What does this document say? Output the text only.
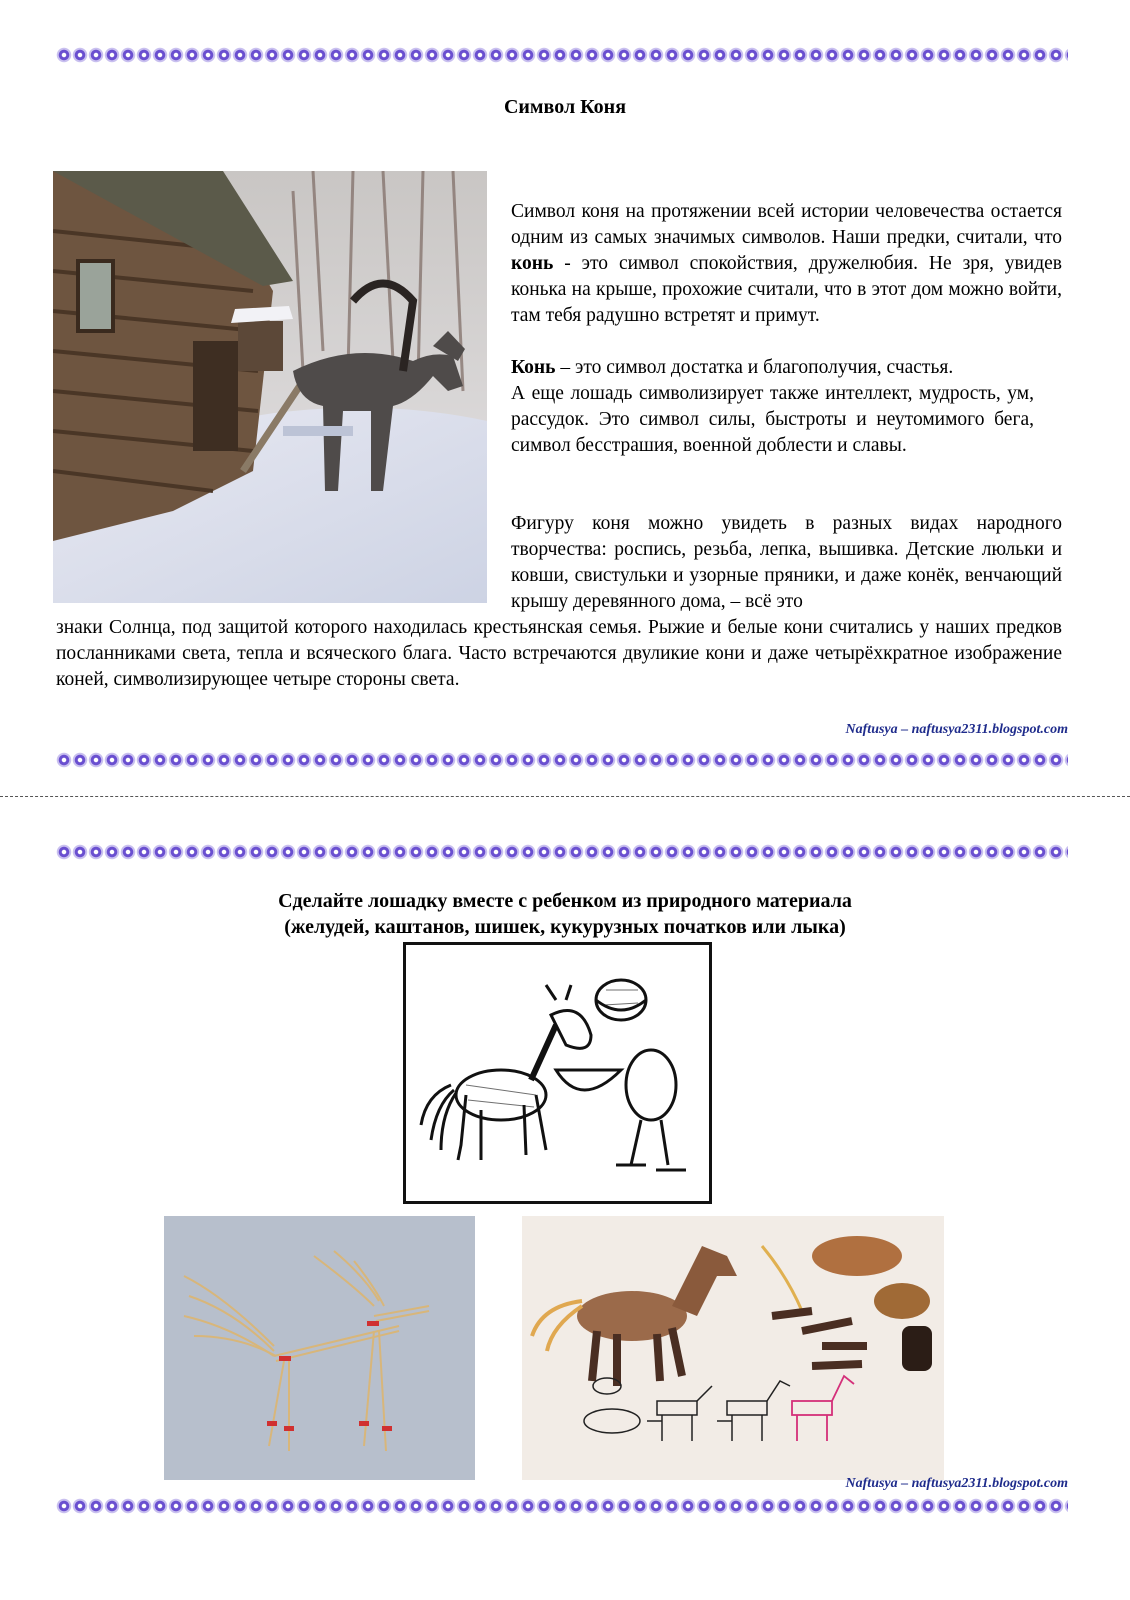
Символ Коня
Символ коня на протяжении всей истории человечества остается одним из самых значимых символов. Наши предки, считали, что конь - это символ спокойствия, дружелюбия. Не зря, увидев конька на крыше, прохожие считали, что в этот дом можно войти, там тебя радушно встретят и примут.
Конь – это символ достатка и благополучия, счастья.
А еще лошадь символизирует также интеллект, мудрость, ум, рассудок. Это символ силы, быстроты и неутомимого бега, символ бесстрашия, военной доблести и славы.
Фигуру коня можно увидеть в разных видах народного творчества: роспись, резьба, лепка, вышивка. Детские люльки и ковши, свистульки и узорные пряники, и даже конёк, венчающий крышу деревянного дома, – всё это
знаки Солнца, под защитой которого находилась крестьянская семья. Рыжие и белые кони считались у наших предков посланниками света, тепла и всяческого блага. Часто встречаются двуликие кони и даже четырёхкратное изображение коней, символизирующее четыре стороны света.
Naftusya – naftusya2311.blogspot.com
Сделайте лошадку вместе с ребенком из природного материала
(желудей, каштанов, шишек, кукурузных початков или лыка)
Naftusya – naftusya2311.blogspot.com
